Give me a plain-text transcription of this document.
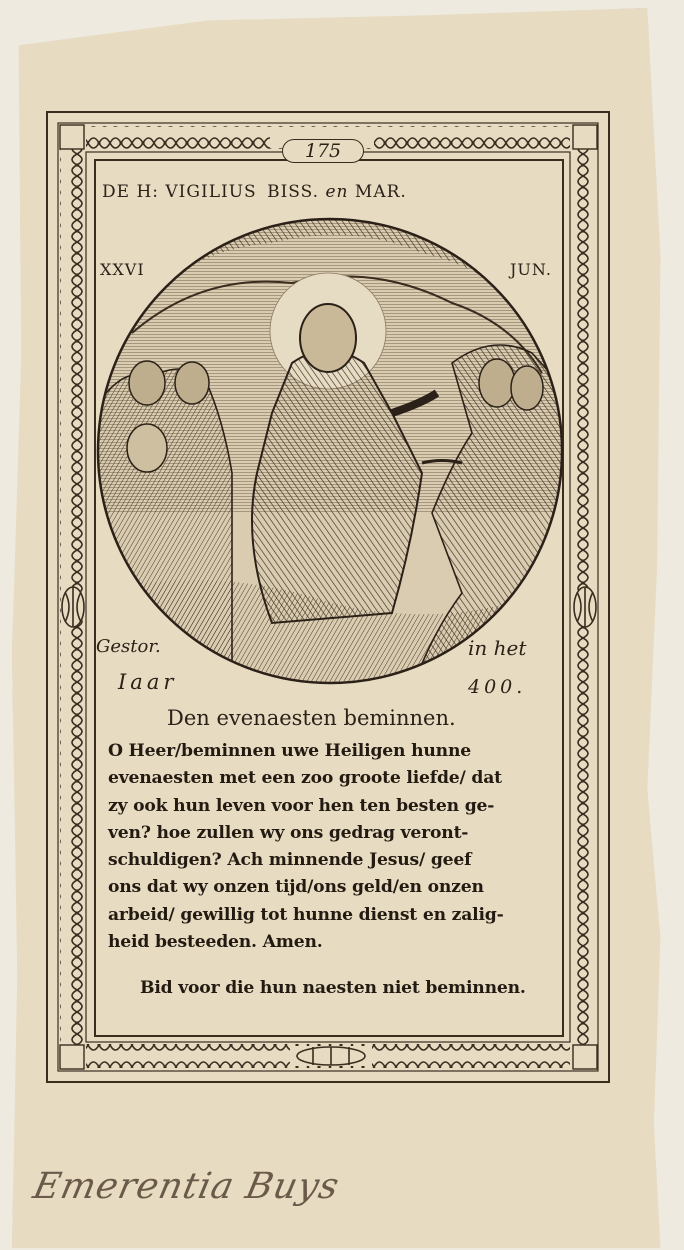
175
DE H: VIGILIUS BISS. en MAR.
XXVI	JUN.
Gestor.	in het
Iaar	400.
Den evenaesten beminnen.
O Heer/beminnen uwe Heiligen hunne
evenaesten met een zoo groote liefde/ dat
zy ook hun leven voor hen ten besten ge-
ven? hoe zullen wy ons gedrag veront-
schuldigen? Ach minnende Jesus/ geef
ons dat wy onzen tijd/ons geld/en onzen
arbeid/ gewillig tot hunne dienst en zalig-
heid besteeden. Amen.
Bid voor die hun naesten niet beminnen.
Emerentia Buys
